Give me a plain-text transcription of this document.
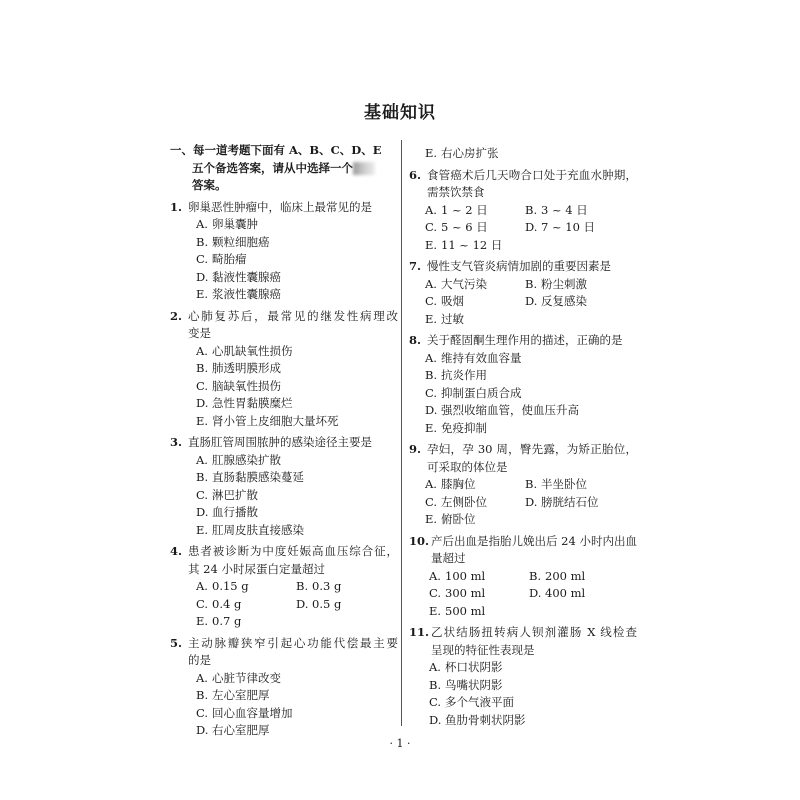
基础知识
一、每一道考题下面有 A、B、C、D、E
五个备选答案，请从中选择一个
答案。
1. 卵巢恶性肿瘤中，临床上最常见的是
A. 卵巢囊肿
B. 颗粒细胞癌
C. 畸胎瘤
D. 黏液性囊腺癌
E. 浆液性囊腺癌
2. 心肺复苏后，最常见的继发性病理改
变是
A. 心肌缺氧性损伤
B. 肺透明膜形成
C. 脑缺氧性损伤
D. 急性胃黏膜糜烂
E. 肾小管上皮细胞大量坏死
3. 直肠肛管周围脓肿的感染途径主要是
A. 肛腺感染扩散
B. 直肠黏膜感染蔓延
C. 淋巴扩散
D. 血行播散
E. 肛周皮肤直接感染
4. 患者被诊断为中度妊娠高血压综合征，
其 24 小时尿蛋白定量超过
A. 0.15 g	B. 0.3 g
C. 0.4 g	D. 0.5 g
E. 0.7 g
5. 主动脉瓣狭窄引起心功能代偿最主要
的是
A. 心脏节律改变
B. 左心室肥厚
C. 回心血容量增加
D. 右心室肥厚
E. 右心房扩张
6. 食管癌术后几天吻合口处于充血水肿期，
需禁饮禁食
A. 1 ~ 2 日	B. 3 ~ 4 日
C. 5 ~ 6 日	D. 7 ~ 10 日
E. 11 ~ 12 日
7. 慢性支气管炎病情加剧的重要因素是
A. 大气污染	B. 粉尘刺激
C. 吸烟	D. 反复感染
E. 过敏
8. 关于醛固酮生理作用的描述，正确的是
A. 维持有效血容量
B. 抗炎作用
C. 抑制蛋白质合成
D. 强烈收缩血管，使血压升高
E. 免疫抑制
9. 孕妇，孕 30 周，臀先露，为矫正胎位，
可采取的体位是
A. 膝胸位	B. 半坐卧位
C. 左侧卧位	D. 膀胱结石位
E. 俯卧位
10. 产后出血是指胎儿娩出后 24 小时内出血
量超过
A. 100 ml	B. 200 ml
C. 300 ml	D. 400 ml
E. 500 ml
11. 乙状结肠扭转病人钡剂灌肠 X 线检查
呈现的特征性表现是
A. 杯口状阴影
B. 鸟嘴状阴影
C. 多个气液平面
D. 鱼肋骨刺状阴影
· 1 ·
